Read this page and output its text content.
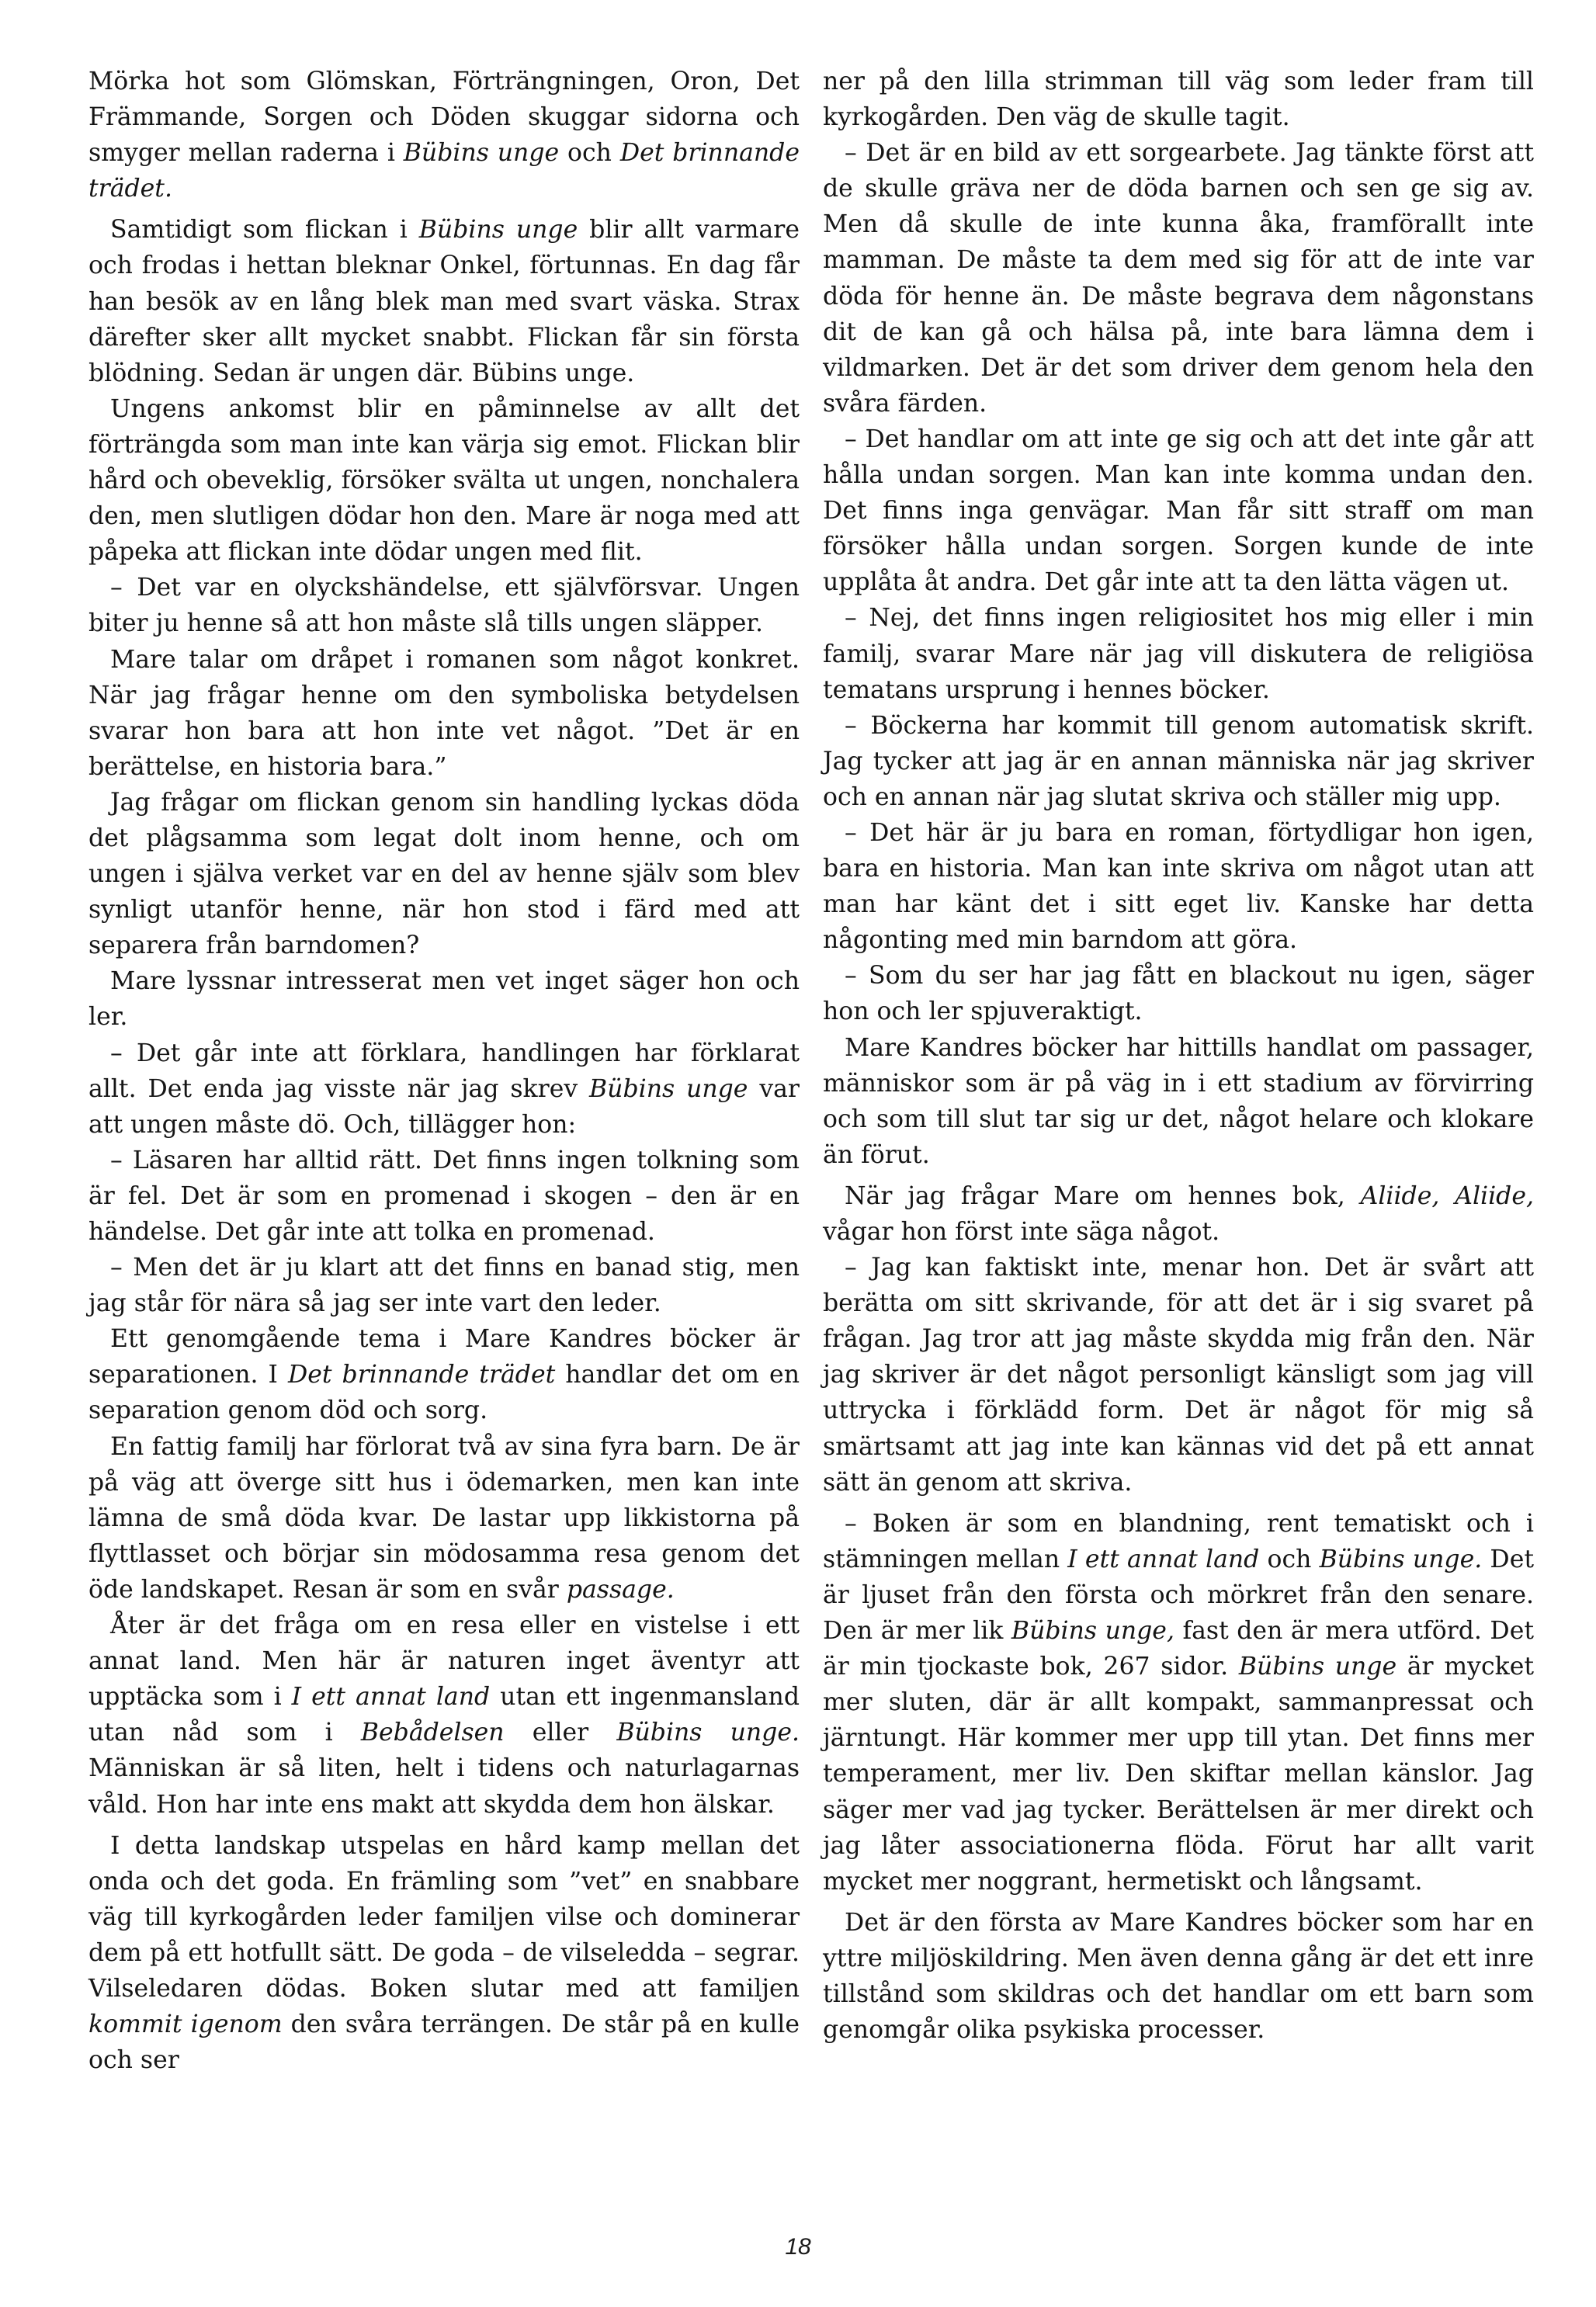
Mörka hot som Glömskan, Förträngningen, Oron, Det Främmande, Sorgen och Döden skuggar sidorna och smyger mellan raderna i Bübins unge och Det brinnande trädet.

Samtidigt som flickan i Bübins unge blir allt varmare och frodas i hettan bleknar Onkel, förtunnas. En dag får han besök av en lång blek man med svart väska. Strax därefter sker allt mycket snabbt. Flickan får sin första blödning. Sedan är ungen där. Bübins unge.

Ungens ankomst blir en påminnelse av allt det förträngda som man inte kan värja sig emot. Flickan blir hård och obeveklig, försöker svälta ut ungen, nonchalera den, men slutligen dödar hon den. Mare är noga med att påpeka att flickan inte dödar ungen med flit.

– Det var en olyckshändelse, ett självförsvar. Ungen biter ju henne så att hon måste slå tills ungen släpper.

Mare talar om dråpet i romanen som något konkret. När jag frågar henne om den symboliska betydelsen svarar hon bara att hon inte vet något. ”Det är en berättelse, en historia bara.”

Jag frågar om flickan genom sin handling lyckas döda det plågsamma som legat dolt inom henne, och om ungen i själva verket var en del av henne själv som blev synligt utanför henne, när hon stod i färd med att separera från barndomen?

Mare lyssnar intresserat men vet inget säger hon och ler.

– Det går inte att förklara, handlingen har förklarat allt. Det enda jag visste när jag skrev Bübins unge var att ungen måste dö. Och, tillägger hon:

– Läsaren har alltid rätt. Det finns ingen tolkning som är fel. Det är som en promenad i skogen – den är en händelse. Det går inte att tolka en promenad.

– Men det är ju klart att det finns en banad stig, men jag står för nära så jag ser inte vart den leder.

Ett genomgående tema i Mare Kandres böcker är separationen. I Det brinnande trädet handlar det om en separation genom död och sorg.

En fattig familj har förlorat två av sina fyra barn. De är på väg att överge sitt hus i ödemarken, men kan inte lämna de små döda kvar. De lastar upp likkistorna på flyttlasset och börjar sin mödosamma resa genom det öde landskapet. Resan är som en svår passage.

Åter är det fråga om en resa eller en vistelse i ett annat land. Men här är naturen inget äventyr att upptäcka som i I ett annat land utan ett ingenmansland utan nåd som i Bebådelsen eller Bübins unge. Människan är så liten, helt i tidens och naturlagarnas våld. Hon har inte ens makt att skydda dem hon älskar.

I detta landskap utspelas en hård kamp mellan det onda och det goda. En främling som ”vet” en snabbare väg till kyrkogården leder familjen vilse och dominerar dem på ett hotfullt sätt. De goda – de vilseledda – segrar. Vilseledaren dödas. Boken slutar med att familjen kommit igenom den svåra terrängen. De står på en kulle och ser

ner på den lilla strimman till väg som leder fram till kyrkogården. Den väg de skulle tagit.

– Det är en bild av ett sorgearbete. Jag tänkte först att de skulle gräva ner de döda barnen och sen ge sig av. Men då skulle de inte kunna åka, framförallt inte mamman. De måste ta dem med sig för att de inte var döda för henne än. De måste begrava dem någonstans dit de kan gå och hälsa på, inte bara lämna dem i vildmarken. Det är det som driver dem genom hela den svåra färden.

– Det handlar om att inte ge sig och att det inte går att hålla undan sorgen. Man kan inte komma undan den. Det finns inga genvägar. Man får sitt straff om man försöker hålla undan sorgen. Sorgen kunde de inte upplåta åt andra. Det går inte att ta den lätta vägen ut.

– Nej, det finns ingen religiositet hos mig eller i min familj, svarar Mare när jag vill diskutera de religiösa tematans ursprung i hennes böcker.

– Böckerna har kommit till genom automatisk skrift. Jag tycker att jag är en annan människa när jag skriver och en annan när jag slutat skriva och ställer mig upp.

– Det här är ju bara en roman, förtydligar hon igen, bara en historia. Man kan inte skriva om något utan att man har känt det i sitt eget liv. Kanske har detta någonting med min barndom att göra.

– Som du ser har jag fått en blackout nu igen, säger hon och ler spjuveraktigt.

Mare Kandres böcker har hittills handlat om passager, människor som är på väg in i ett stadium av förvirring och som till slut tar sig ur det, något helare och klokare än förut.

När jag frågar Mare om hennes bok, Aliide, Aliide, vågar hon först inte säga något.

– Jag kan faktiskt inte, menar hon. Det är svårt att berätta om sitt skrivande, för att det är i sig svaret på frågan. Jag tror att jag måste skydda mig från den. När jag skriver är det något personligt känsligt som jag vill uttrycka i förklädd form. Det är något för mig så smärtsamt att jag inte kan kännas vid det på ett annat sätt än genom att skriva.

– Boken är som en blandning, rent tematiskt och i stämningen mellan I ett annat land och Bübins unge. Det är ljuset från den första och mörkret från den senare. Den är mer lik Bübins unge, fast den är mera utförd. Det är min tjockaste bok, 267 sidor. Bübins unge är mycket mer sluten, där är allt kompakt, sammanpressat och järntungt. Här kommer mer upp till ytan. Det finns mer temperament, mer liv. Den skiftar mellan känslor. Jag säger mer vad jag tycker. Berättelsen är mer direkt och jag låter associationerna flöda. Förut har allt varit mycket mer noggrant, hermetiskt och långsamt.

Det är den första av Mare Kandres böcker som har en yttre miljöskildring. Men även denna gång är det ett inre tillstånd som skildras och det handlar om ett barn som genomgår olika psykiska processer.

18
